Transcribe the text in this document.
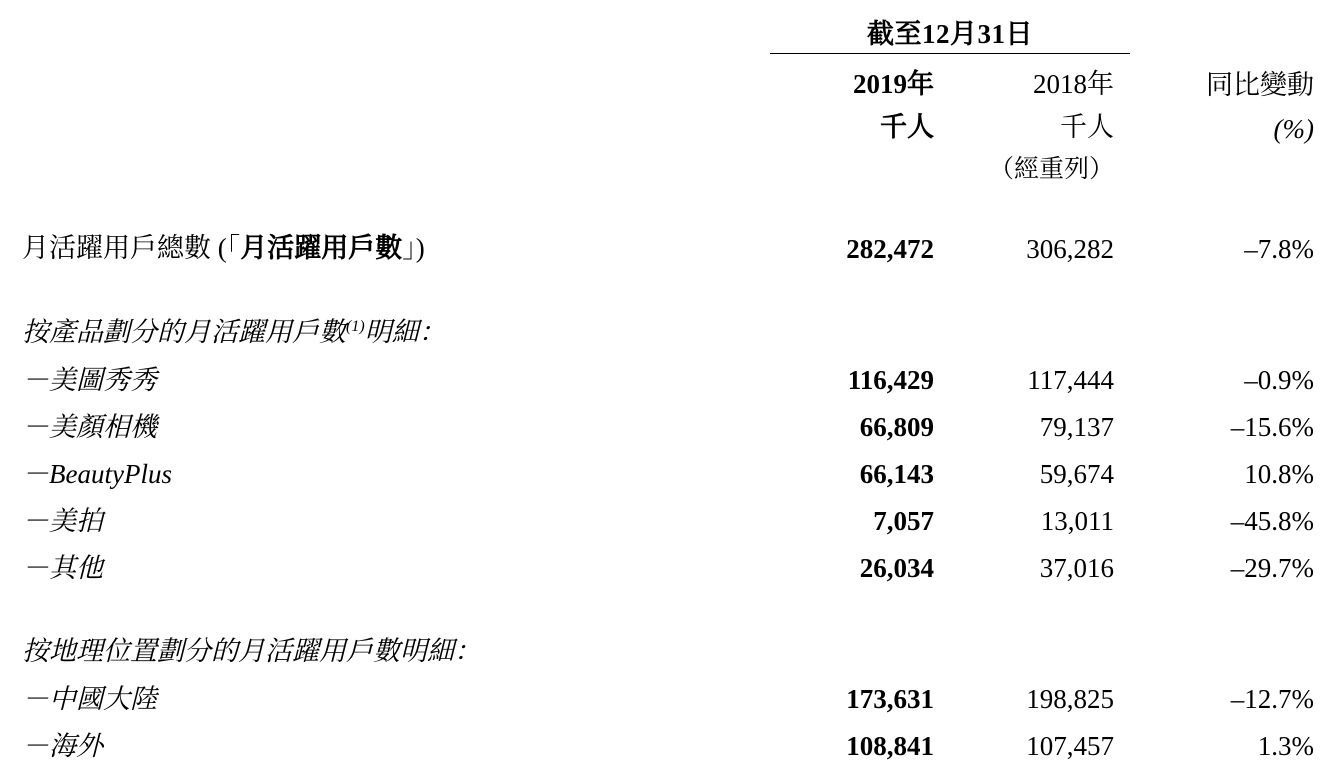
	截至12月31日		
	2019年	2018年	同比變動
	千人	千人	(%)
		（經重列）	

月活躍用戶總數 (「月活躍用戶數」)	282,472	306,282	–7.8%

按產品劃分的月活躍用戶數$^{(1)}$明細：			
－美圖秀秀	116,429	117,444	–0.9%
－美顏相機	66,809	79,137	–15.6%
－BeautyPlus	66,143	59,674	10.8%
－美拍	7,057	13,011	–45.8%
－其他	26,034	37,016	–29.7%

按地理位置劃分的月活躍用戶數明細：			
－中國大陸	173,631	198,825	–12.7%
－海外	108,841	107,457	1.3%
